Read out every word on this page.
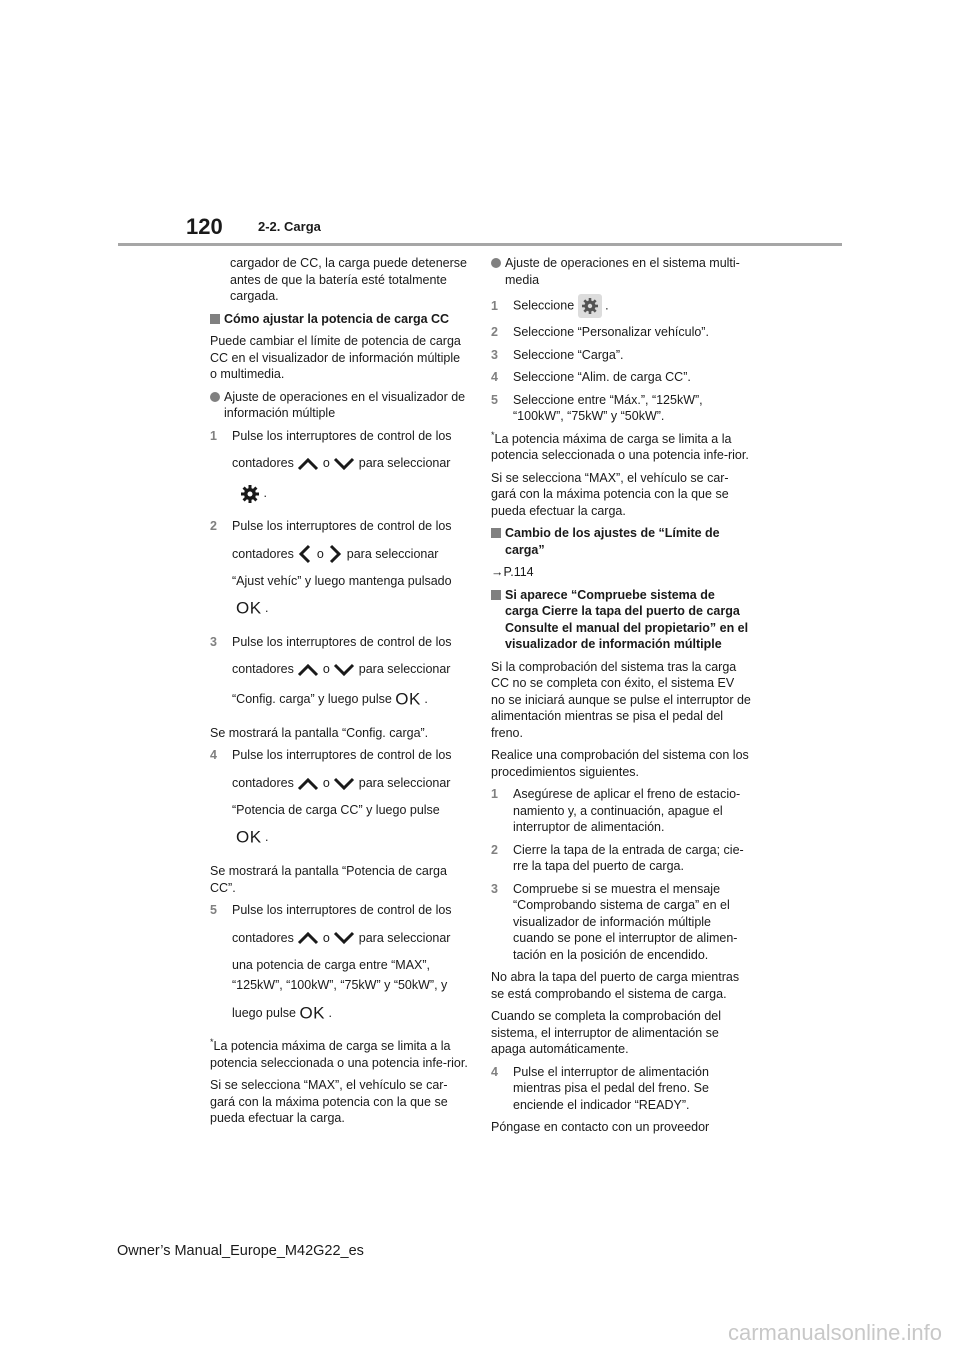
120	2-2. Carga

cargador de CC, la carga puede detenerse antes de que la batería esté totalmente cargada.

Cómo ajustar la potencia de carga CC

Puede cambiar el límite de potencia de carga CC en el visualizador de información múltiple o multimedia.

Ajuste de operaciones en el visualizador de información múltiple
1	Pulse los interruptores de control de los
contadores o para seleccionar
.
2	Pulse los interruptores de control de los
contadores o para seleccionar
“Ajust vehíc” y luego mantenga pulsado
OK .
3	Pulse los interruptores de control de los
contadores o para seleccionar
“Config. carga” y luego pulse OK .

Se mostrará la pantalla “Config. carga”.

4	Pulse los interruptores de control de los
contadores o para seleccionar
“Potencia de carga CC” y luego pulse
OK .

Se mostrará la pantalla “Potencia de carga CC”.

5	Pulse los interruptores de control de los
contadores o para seleccionar
una potencia de carga entre “MAX”,
“125kW”, “100kW”, “75kW” y “50kW”, y
luego pulse OK .

*La potencia máxima de carga se limita a la potencia seleccionada o una potencia infe-rior.

Si se selecciona “MAX”, el vehículo se car-gará con la máxima potencia con la que se pueda efectuar la carga.

Ajuste de operaciones en el sistema multi-media
1	Seleccione .
2	Seleccione “Personalizar vehículo”.
3	Seleccione “Carga”.
4	Seleccione “Alim. de carga CC”.
5	Seleccione entre “Máx.”, “125kW”, “100kW”, “75kW” y “50kW”.

*La potencia máxima de carga se limita a la potencia seleccionada o una potencia infe-rior.

Si se selecciona “MAX”, el vehículo se car-gará con la máxima potencia con la que se pueda efectuar la carga.

Cambio de los ajustes de “Límite de carga”

→P.114

Si aparece “Compruebe sistema de carga Cierre la tapa del puerto de carga Consulte el manual del propietario” en el visualizador de información múltiple

Si la comprobación del sistema tras la carga CC no se completa con éxito, el sistema EV no se iniciará aunque se pulse el interruptor de alimentación mientras se pisa el pedal del freno.

Realice una comprobación del sistema con los procedimientos siguientes.

1	Asegúrese de aplicar el freno de estacio-namiento y, a continuación, apague el interruptor de alimentación.
2	Cierre la tapa de la entrada de carga; cie-rre la tapa del puerto de carga.
3	Compruebe si se muestra el mensaje “Comprobando sistema de carga” en el visualizador de información múltiple cuando se pone el interruptor de alimen-tación en la posición de encendido.

No abra la tapa del puerto de carga mientras se está comprobando el sistema de carga.

Cuando se completa la comprobación del sistema, el interruptor de alimentación se apaga automáticamente.

4	Pulse el interruptor de alimentación mientras pisa el pedal del freno. Se enciende el indicador “READY”.

Póngase en contacto con un proveedor

Owner’s Manual_Europe_M42G22_es
carmanualsonline.info
